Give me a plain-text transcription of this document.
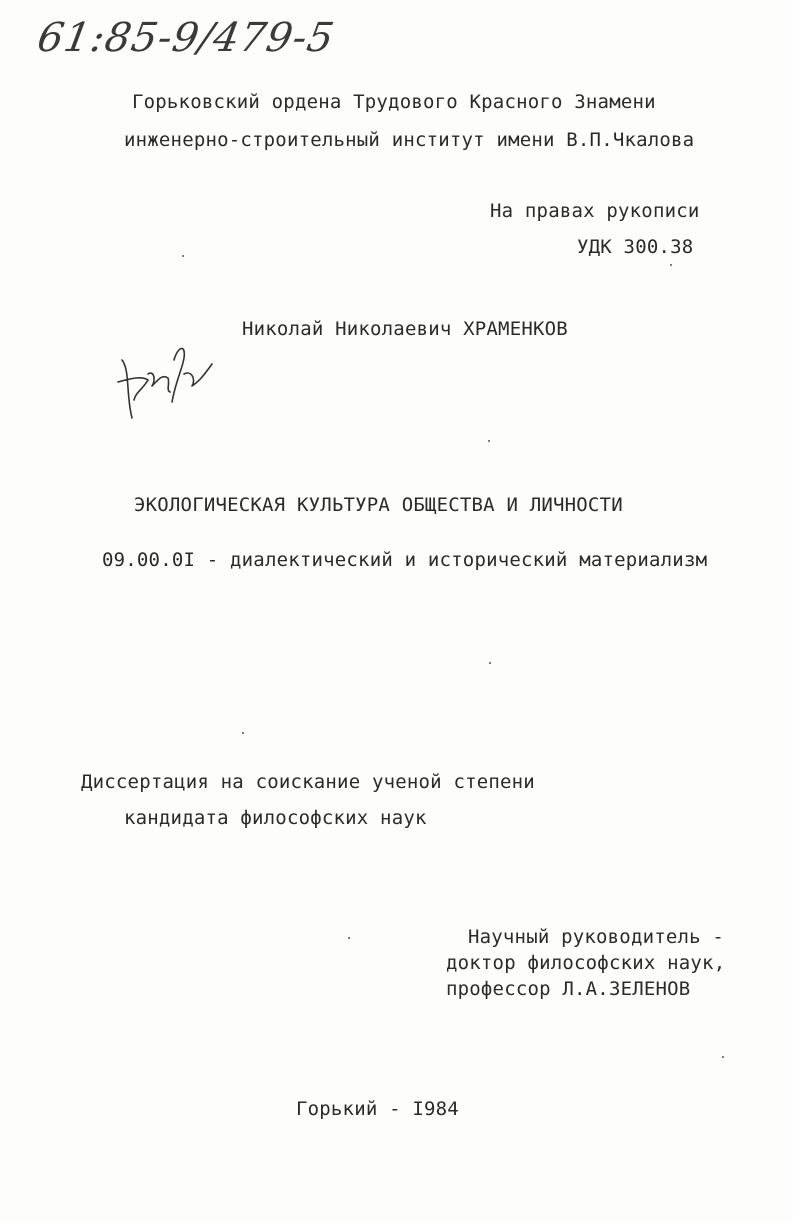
61:85-9/479-5
Горьковский ордена Трудового Красного Знамени
инженерно-строительный институт имени В.П.Чкалова
На правах рукописи
УДК 300.38
Николай Николаевич ХРАМЕНКОВ
ЭКОЛОГИЧЕСКАЯ КУЛЬТУРА ОБЩЕСТВА И ЛИЧНОСТИ
09.00.0I - диалектический и исторический материализм
Диссертация на соискание ученой степени
кандидата философских наук
Научный руководитель -
доктор философских наук,
профессор Л.А.ЗЕЛЕНОВ
Горький - I984
